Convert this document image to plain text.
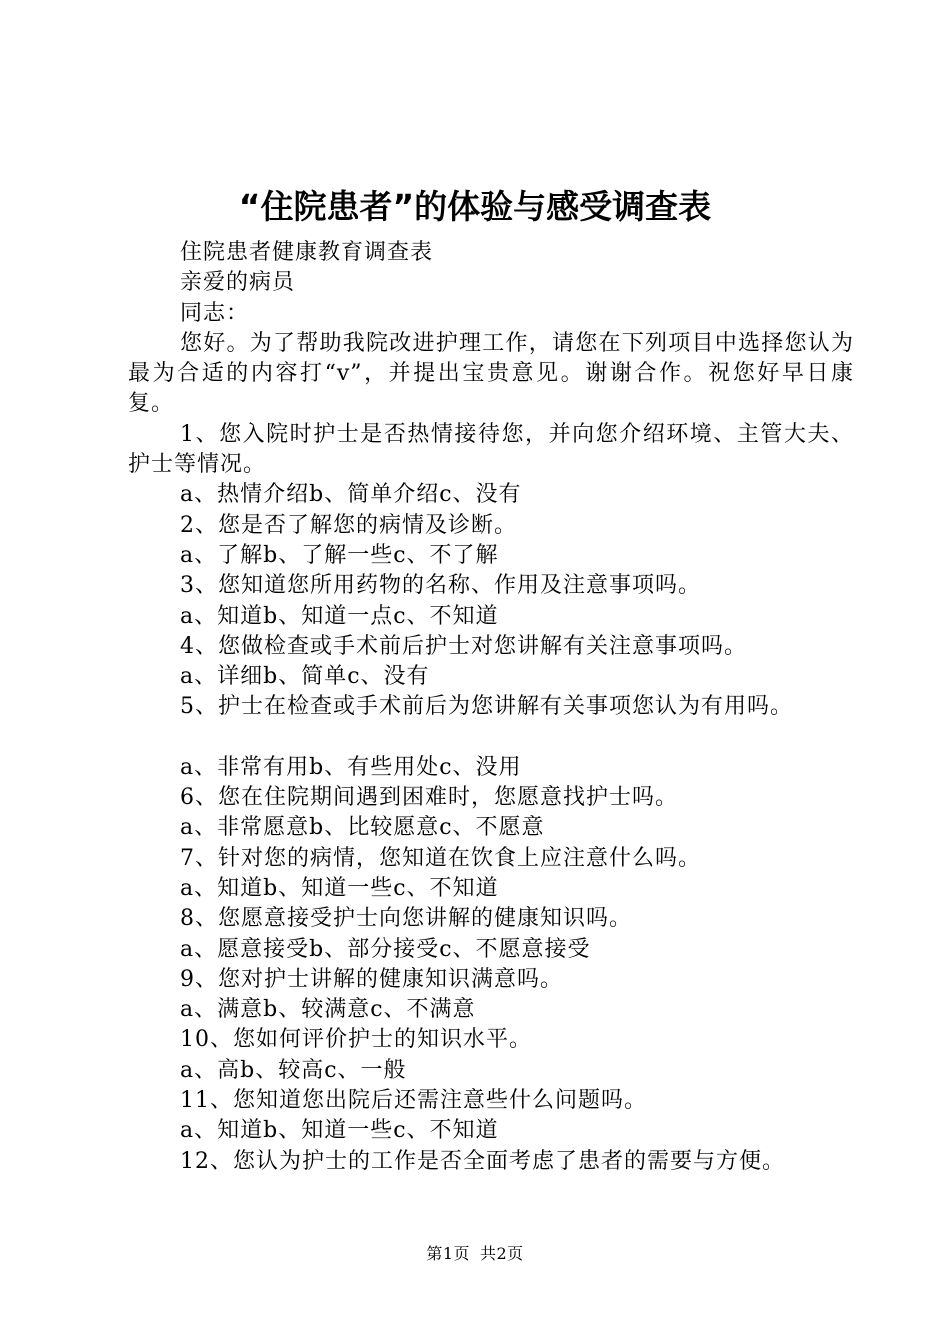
“住院患者”的体验与感受调查表

住院患者健康教育调查表

亲爱的病员

同志：

您好。为了帮助我院改进护理工作，请您在下列项目中选择您认为最为合适的内容打“v”，并提出宝贵意见。谢谢合作。祝您好早日康复。

1、您入院时护士是否热情接待您，并向您介绍环境、主管大夫、护士等情况。

a、热情介绍b、简单介绍c、没有

2、您是否了解您的病情及诊断。

a、了解b、了解一些c、不了解

3、您知道您所用药物的名称、作用及注意事项吗。

a、知道b、知道一点c、不知道

4、您做检查或手术前后护士对您讲解有关注意事项吗。

a、详细b、简单c、没有

5、护士在检查或手术前后为您讲解有关事项您认为有用吗。

a、非常有用b、有些用处c、没用

6、您在住院期间遇到困难时，您愿意找护士吗。

a、非常愿意b、比较愿意c、不愿意

7、针对您的病情，您知道在饮食上应注意什么吗。

a、知道b、知道一些c、不知道

8、您愿意接受护士向您讲解的健康知识吗。

a、愿意接受b、部分接受c、不愿意接受

9、您对护士讲解的健康知识满意吗。

a、满意b、较满意c、不满意

10、您如何评价护士的知识水平。

a、高b、较高c、一般

11、您知道您出院后还需注意些什么问题吗。

a、知道b、知道一些c、不知道

12、您认为护士的工作是否全面考虑了患者的需要与方便。

第1页 共2页
